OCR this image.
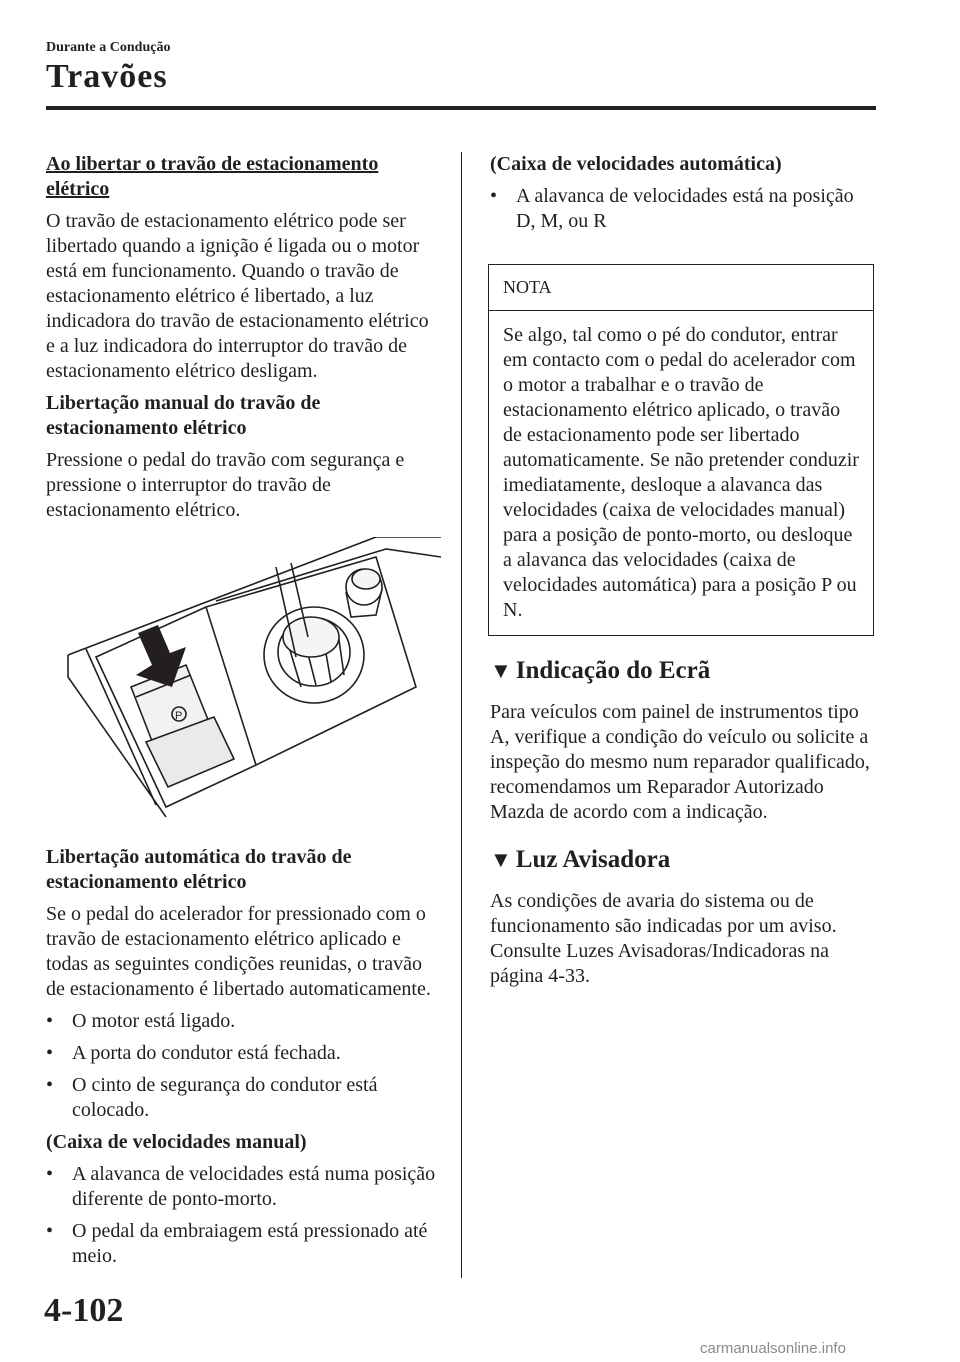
Durante a Condução
Travões

Ao libertar o travão de estacionamento elétrico

O travão de estacionamento elétrico pode ser libertado quando a ignição é ligada ou o motor está em funcionamento. Quando o travão de estacionamento elétrico é libertado, a luz indicadora do travão de estacionamento elétrico e a luz indicadora do interruptor do travão de estacionamento elétrico desligam.

Libertação manual do travão de estacionamento elétrico

Pressione o pedal do travão com segurança e pressione o interruptor do travão de estacionamento elétrico.

P

Libertação automática do travão de estacionamento elétrico

Se o pedal do acelerador for pressionado com o travão de estacionamento elétrico aplicado e todas as seguintes condições reunidas, o travão de estacionamento é libertado automaticamente.

• O motor está ligado.
• A porta do condutor está fechada.
• O cinto de segurança do condutor está colocado.

(Caixa de velocidades manual)

• A alavanca de velocidades está numa posição diferente de ponto-morto.
• O pedal da embraiagem está pressionado até meio.

(Caixa de velocidades automática)

• A alavanca de velocidades está na posição D, M, ou R
NOTA
Se algo, tal como o pé do condutor, entrar em contacto com o pedal do acelerador com o motor a trabalhar e o travão de estacionamento elétrico aplicado, o travão de estacionamento pode ser libertado automaticamente. Se não pretender conduzir imediatamente, desloque a alavanca das velocidades (caixa de velocidades manual) para a posição de ponto-morto, ou desloque a alavanca das velocidades (caixa de velocidades automática) para a posição P ou N.
▼ Indicação do Ecrã

Para veículos com painel de instrumentos tipo A, verifique a condição do veículo ou solicite a inspeção do mesmo num reparador qualificado, recomendamos um Reparador Autorizado Mazda de acordo com a indicação.

▼ Luz Avisadora

As condições de avaria do sistema ou de funcionamento são indicadas por um aviso.

Consulte Luzes Avisadoras/Indicadoras na página 4-33.

4-102
carmanualsonline.info
